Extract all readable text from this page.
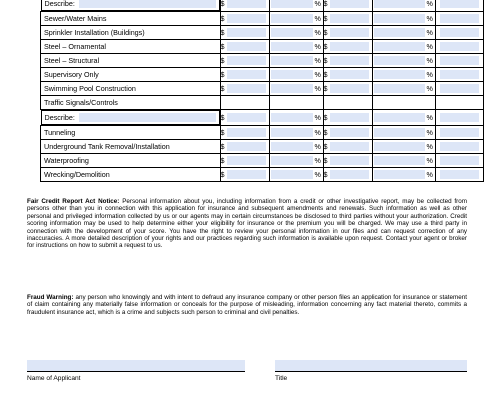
Describe:	$	%	$	%	

Sewer/Water Mains	$	%	$	%	

Sprinkler Installation (Buildings)	$	%	$	%	

Steel – Ornamental	$	%	$	%	

Steel – Structural	$	%	$	%	

Supervisory Only	$	%	$	%	

Swimming Pool Construction	$	%	$	%	

Traffic Signals/Controls					

Describe:	$	%	$	%	

Tunneling	$	%	$	%	

Underground Tank Removal/Installation	$	%	$	%	

Waterproofing	$	%	$	%	

Wrecking/Demolition	$	%	$	%	

Fair Credit Report Act Notice: Personal information about you, including information from a credit or other investigative report, may be collected from persons other than you in connection with this application for insurance and subsequent amendments and renewals. Such information as well as other personal and privileged information collected by us or our agents may in certain circumstances be disclosed to third parties without your authorization. Credit scoring information may be used to help determine either your eligibility for insurance or the premium you will be charged. We may use a third party in connection with the development of your score. You have the right to review your personal information in our files and can request correction of any inaccuracies. A more detailed description of your rights and our practices regarding such information is available upon request. Contact your agent or broker for instructions on how to submit a request to us.
Fraud Warning: any person who knowingly and with intent to defraud any insurance company or other person files an application for insurance or statement of claim containing any materially false information or conceals for the purpose of misleading, information concerning any fact material thereto, commits a fraudulent insurance act, which is a crime and subjects such person to criminal and civil penalties.
Name of Applicant	Title
